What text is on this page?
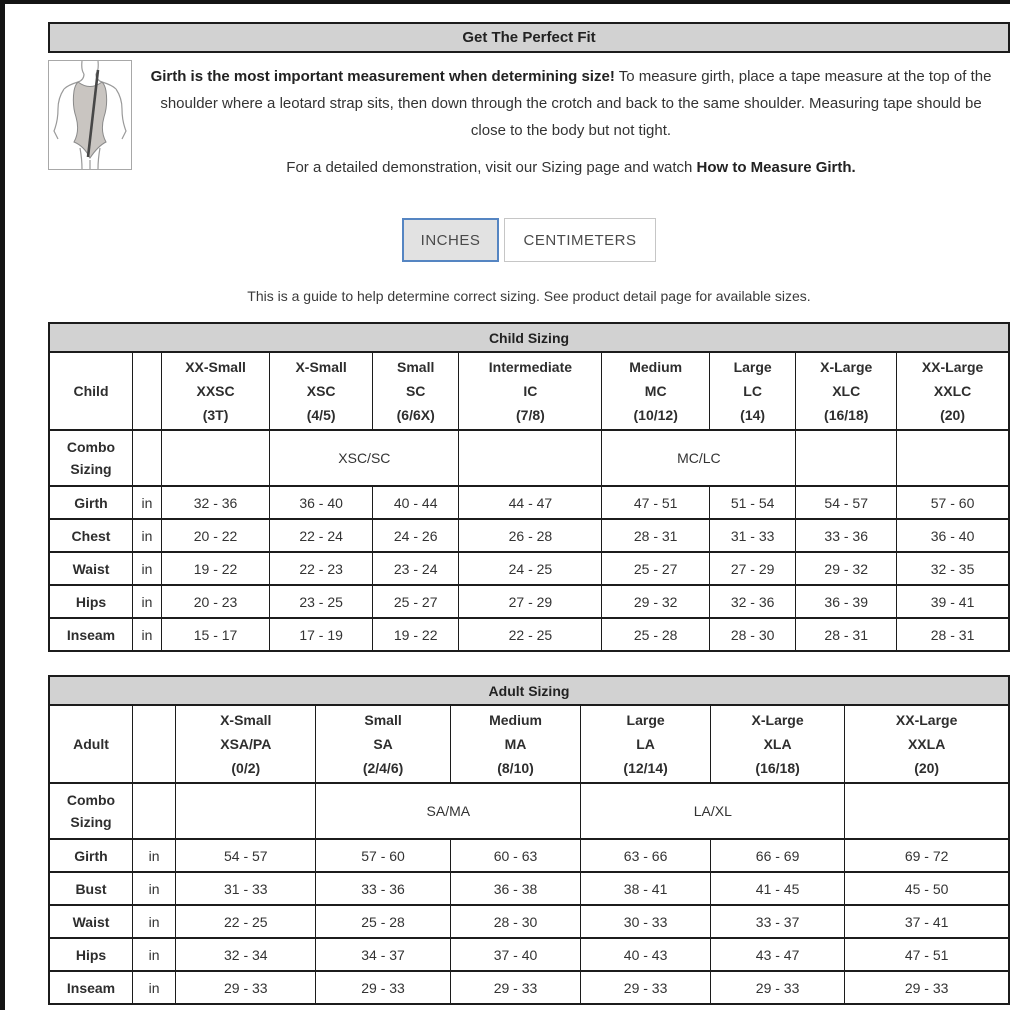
Get The Perfect Fit

Girth is the most important measurement when determining size! To measure girth, place a tape measure at the top of the shoulder where a leotard strap sits, then down through the crotch and back to the same shoulder. Measuring tape should be close to the body but not tight.

For a detailed demonstration, visit our Sizing page and watch How to Measure Girth.

INCHES	CENTIMETERS
This is a guide to help determine correct sizing. See product detail page for available sizes.
Child Sizing									
Child		XX-Small
XXSC
(3T)	X-Small
XSC
(4/5)	Small
SC
(6/6X)	Intermediate
IC
(7/8)	Medium
MC
(10/12)	Large
LC
(14)	X-Large
XLC
(16/18)	XX-Large
XXLC
(20)

Combo Sizing			XSC/SC			MC/LC			
Girth	in	32 - 36	36 - 40	40 - 44	44 - 47	47 - 51	51 - 54	54 - 57	57 - 60
Chest	in	20 - 22	22 - 24	24 - 26	26 - 28	28 - 31	31 - 33	33 - 36	36 - 40
Waist	in	19 - 22	22 - 23	23 - 24	24 - 25	25 - 27	27 - 29	29 - 32	32 - 35
Hips	in	20 - 23	23 - 25	25 - 27	27 - 29	29 - 32	32 - 36	36 - 39	39 - 41
Inseam	in	15 - 17	17 - 19	19 - 22	22 - 25	25 - 28	28 - 30	28 - 31	28 - 31
Adult Sizing							
Adult		X-Small
XSA/PA
(0/2)	Small
SA
(2/4/6)	Medium
MA
(8/10)	Large
LA
(12/14)	X-Large
XLA
(16/18)	XX-Large
XXLA
(20)

Combo Sizing			SA/MA		LA/XL		
Girth	in	54 - 57	57 - 60	60 - 63	63 - 66	66 - 69	69 - 72
Bust	in	31 - 33	33 - 36	36 - 38	38 - 41	41 - 45	45 - 50
Waist	in	22 - 25	25 - 28	28 - 30	30 - 33	33 - 37	37 - 41
Hips	in	32 - 34	34 - 37	37 - 40	40 - 43	43 - 47	47 - 51
Inseam	in	29 - 33	29 - 33	29 - 33	29 - 33	29 - 33	29 - 33
